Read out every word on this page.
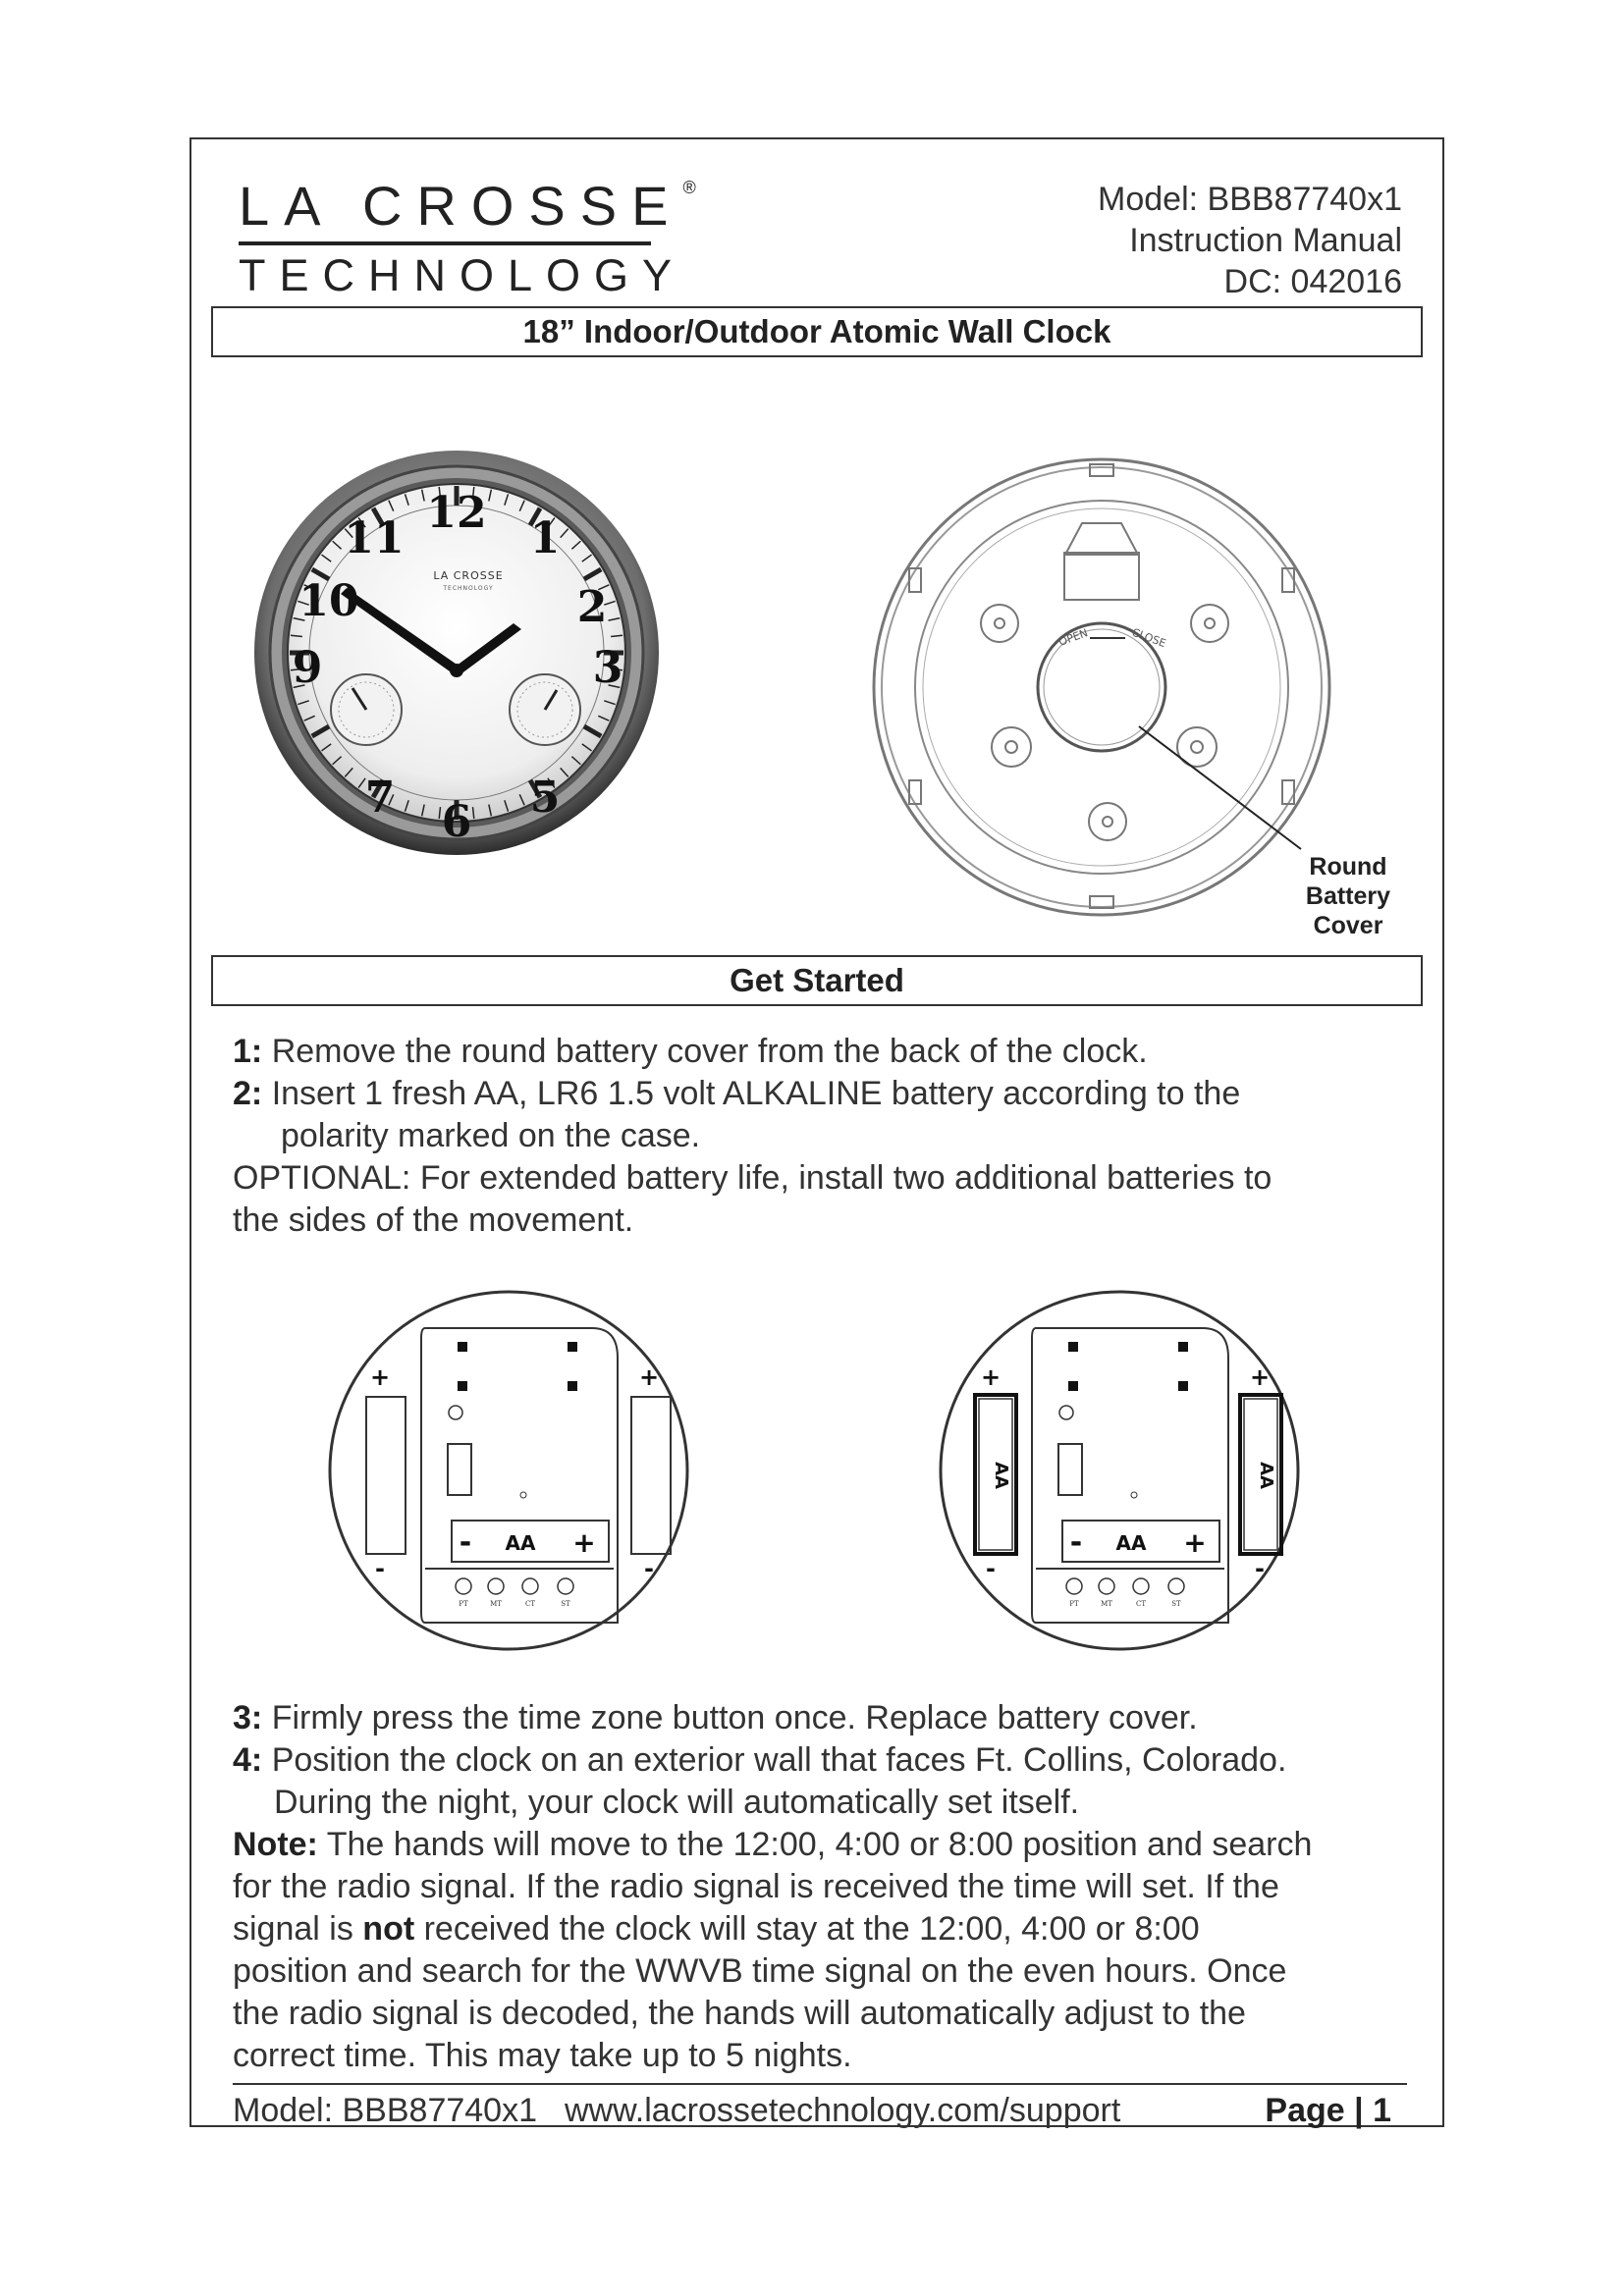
LA CROSSE®
TECHNOLOGY
Model: BBB87740x1
Instruction Manual
DC: 042016
18” Indoor/Outdoor Atomic Wall Clock
12
1
2
3
5
6
7
9
10
11
LA CROSSE
TECHNOLOGY
OPEN	CLOSE
Round
Battery
Cover
Get Started
1: Remove the round battery cover from the back of the clock.
2: Insert 1 fresh AA, LR6 1.5 volt ALKALINE battery according to the
polarity marked on the case.
OPTIONAL: For extended battery life, install two additional batteries to
the sides of the movement.
- AA +
PT	MT	CT	ST
+
-
+
-
- AA +
PT	MT	CT	ST
AA	AA
+
-
+
-
3: Firmly press the time zone button once. Replace battery cover.
4: Position the clock on an exterior wall that faces Ft. Collins, Colorado.
During the night, your clock will automatically set itself.
Note: The hands will move to the 12:00, 4:00 or 8:00 position and search
for the radio signal. If the radio signal is received the time will set. If the
signal is not received the clock will stay at the 12:00, 4:00 or 8:00
position and search for the WWVB time signal on the even hours. Once
the radio signal is decoded, the hands will automatically adjust to the
correct time. This may take up to 5 nights.
Model: BBB87740x1 www.lacrossetechnology.com/support	Page | 1
